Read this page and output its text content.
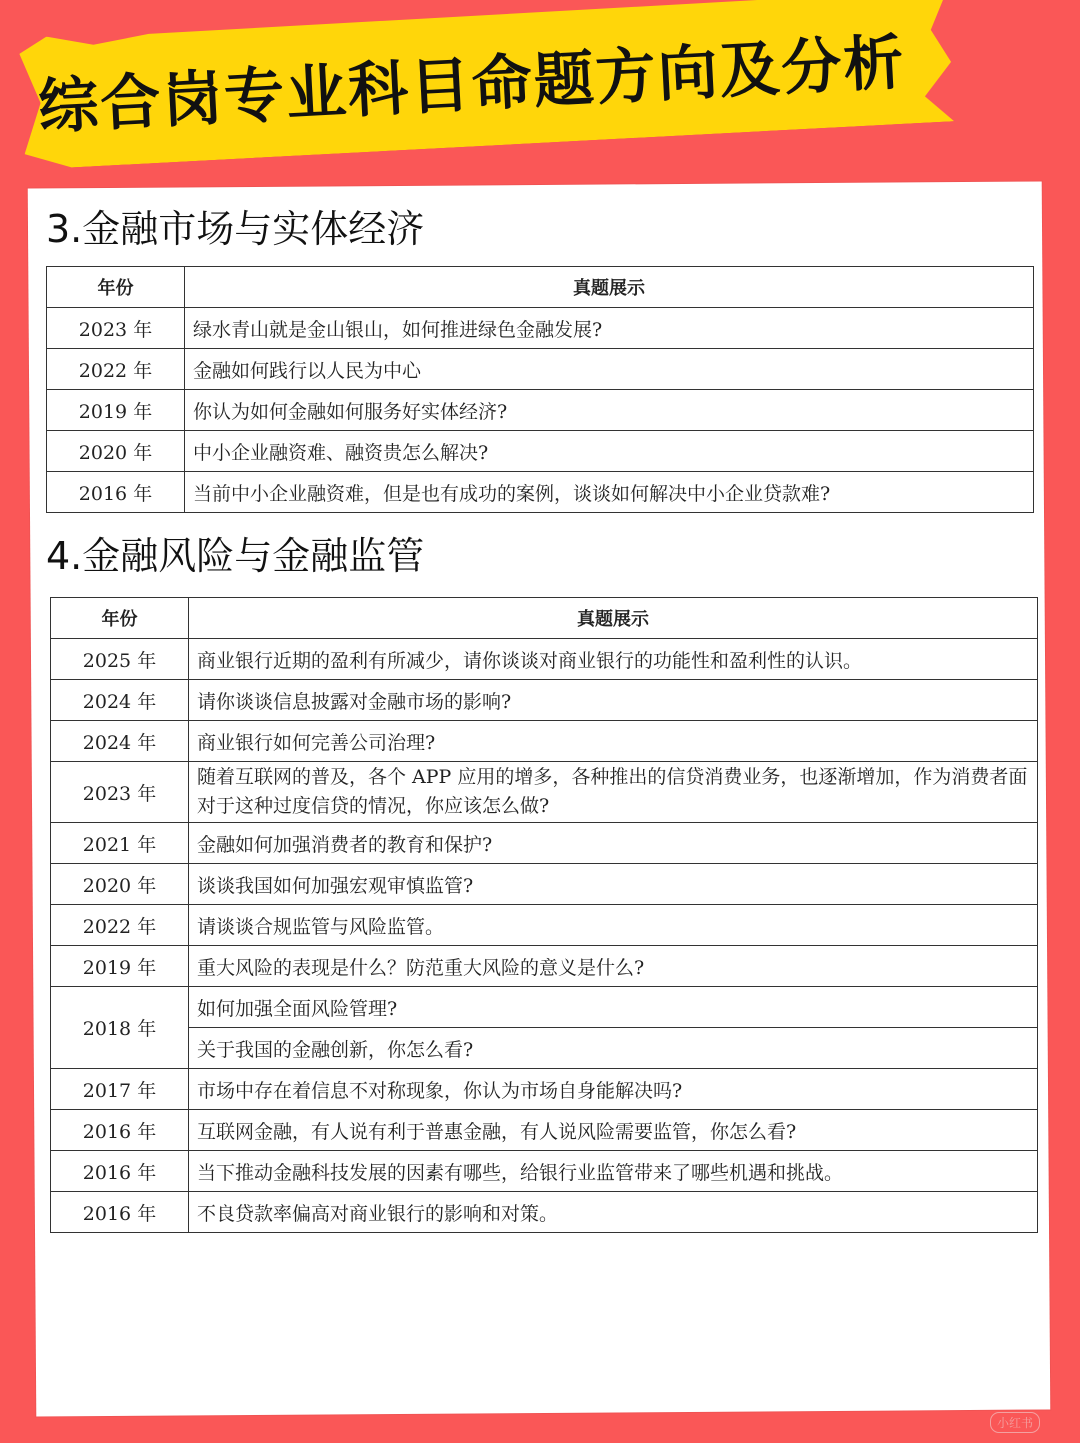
综合岗专业科目命题方向及分析
3.金融市场与实体经济
年份	真题展示
2023 年	绿水青山就是金山银山，如何推进绿色金融发展?
2022 年	金融如何践行以人民为中心
2019 年	你认为如何金融如何服务好实体经济?
2020 年	中小企业融资难、融资贵怎么解决?
2016 年	当前中小企业融资难，但是也有成功的案例，谈谈如何解决中小企业贷款难?
4.金融风险与金融监管
年份	真题展示
2025 年	商业银行近期的盈利有所减少，请你谈谈对商业银行的功能性和盈利性的认识。
2024 年	请你谈谈信息披露对金融市场的影响?
2024 年	商业银行如何完善公司治理?
2023 年	随着互联网的普及，各个 APP 应用的增多，各种推出的信贷消费业务，也逐渐增加，作为消费者面对于这种过度信贷的情况，你应该怎么做?
2021 年	金融如何加强消费者的教育和保护?
2020 年	谈谈我国如何加强宏观审慎监管?
2022 年	请谈谈合规监管与风险监管。
2019 年	重大风险的表现是什么？防范重大风险的意义是什么?
2018 年	如何加强全面风险管理?
	关于我国的金融创新，你怎么看?
2017 年	市场中存在着信息不对称现象，你认为市场自身能解决吗?
2016 年	互联网金融，有人说有利于普惠金融，有人说风险需要监管，你怎么看?
2016 年	当下推动金融科技发展的因素有哪些，给银行业监管带来了哪些机遇和挑战。
2016 年	不良贷款率偏高对商业银行的影响和对策。
小红书
